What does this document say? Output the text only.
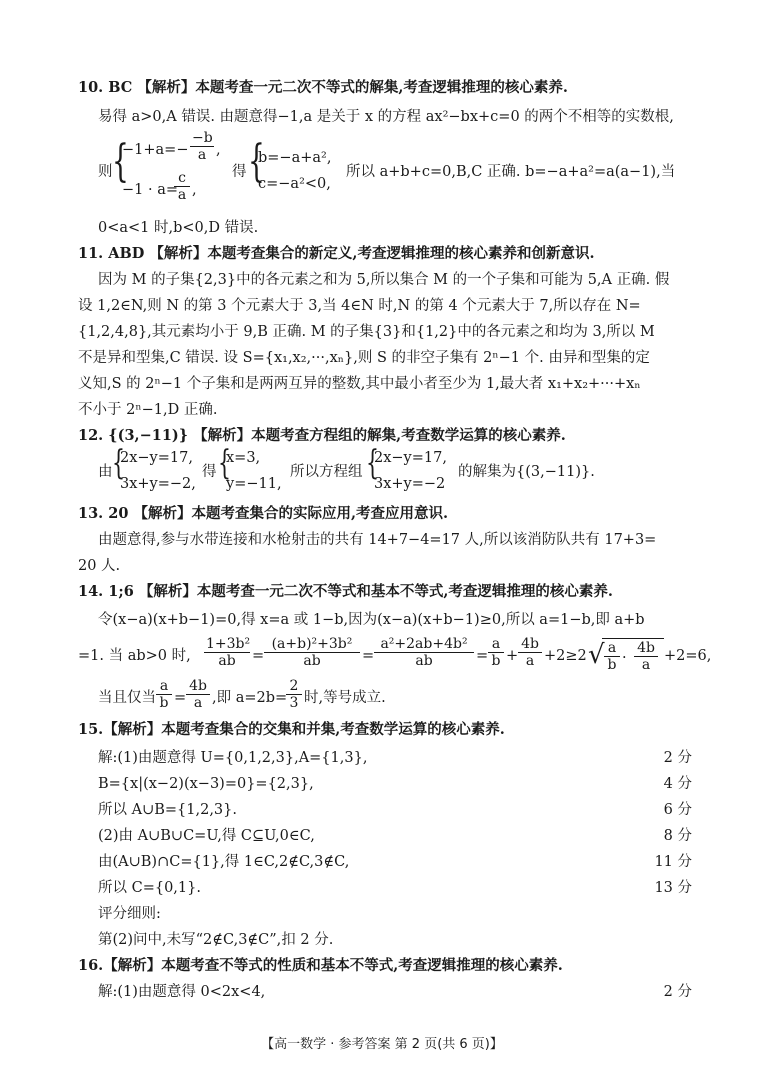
10. BC 【解析】本题考查一元二次不等式的解集,考查逻辑推理的核心素养.
易得 a>0,A 错误. 由题意得−1,a 是关于 x 的方程 ax²−bx+c=0 的两个不相等的实数根,
则 {
$-1+a=- \frac{-b}{a}$ ,
−1 · a=
$\frac{c}{a}$ ,
得 {
b=−a+a²,
c=−a²<0,
所以 a+b+c=0,B,C 正确. b=−a+a²=a(a−1),当
0<a<1 时,b<0,D 错误.
11. ABD 【解析】本题考查集合的新定义,考查逻辑推理的核心素养和创新意识.
因为 M 的子集{2,3}中的各元素之和为 5,所以集合 M 的一个子集和可能为 5,A 正确. 假
设 1,2∈N,则 N 的第 3 个元素大于 3,当 4∈N 时,N 的第 4 个元素大于 7,所以存在 N=
{1,2,4,8},其元素均小于 9,B 正确. M 的子集{3}和{1,2}中的各元素之和均为 3,所以 M
不是异和型集,C 错误. 设 S={x₁,x₂,···,xₙ},则 S 的非空子集有 2ⁿ−1 个. 由异和型集的定
义知,S 的 2ⁿ−1 个子集和是两两互异的整数,其中最小者至少为 1,最大者 x₁+x₂+···+xₙ
不小于 2ⁿ−1,D 正确.
12. {(3,−11)} 【解析】本题考查方程组的解集,考查数学运算的核心素养.
由 {
2x−y=17,
3x+y=−2,
得 {
x=3,
y=−11,
所以方程组 {
2x−y=17,
3x+y=−2
的解集为{(3,−11)}.
13. 20 【解析】本题考查集合的实际应用,考查应用意识.
由题意得,参与水带连接和水枪射击的共有 14+7−4=17 人,所以该消防队共有 17+3=
20 人.
14. 1;6 【解析】本题考查一元二次不等式和基本不等式,考查逻辑推理的核心素养.
令(x−a)(x+b−1)=0,得 x=a 或 1−b,因为(x−a)(x+b−1)≥0,所以 a=1−b,即 a+b
=1. 当 ab>0 时, $\frac{\text{1+3b²}}{ab} = \frac{\text{(a+b)²+3b²}}{ab} = \frac{\text{a²+2ab+4b²}}{ab} = \frac{a}{b} + \frac{4b}{a} +2\ge 2$ √ $\frac{a}{b} \cdot \frac{4b}{a} +2=6$,
当且仅当 $\frac{a}{b} = \frac{4b}{a}$ ,即 a=2b=
$\frac{2}{3}$ 时,等号成立.
15.【解析】本题考查集合的交集和并集,考查数学运算的核心素养.
解:(1)由题意得 U={0,1,2,3},A={1,3},	2 分
B={x|(x−2)(x−3)=0}={2,3},	4 分
所以 A∪B={1,2,3}.	6 分
(2)由 A∪B∪C=U,得 C⊆U,0∈C,	8 分
由(A∪B)∩C={1},得 1∈C,2∉C,3∉C,	11 分
所以 C={0,1}.	13 分
评分细则:
第(2)问中,未写“2∉C,3∉C”,扣 2 分.
16.【解析】本题考查不等式的性质和基本不等式,考查逻辑推理的核心素养.
解:(1)由题意得 0<2x<4,	2 分
【高一数学 · 参考答案 第 2 页(共 6 页)】
